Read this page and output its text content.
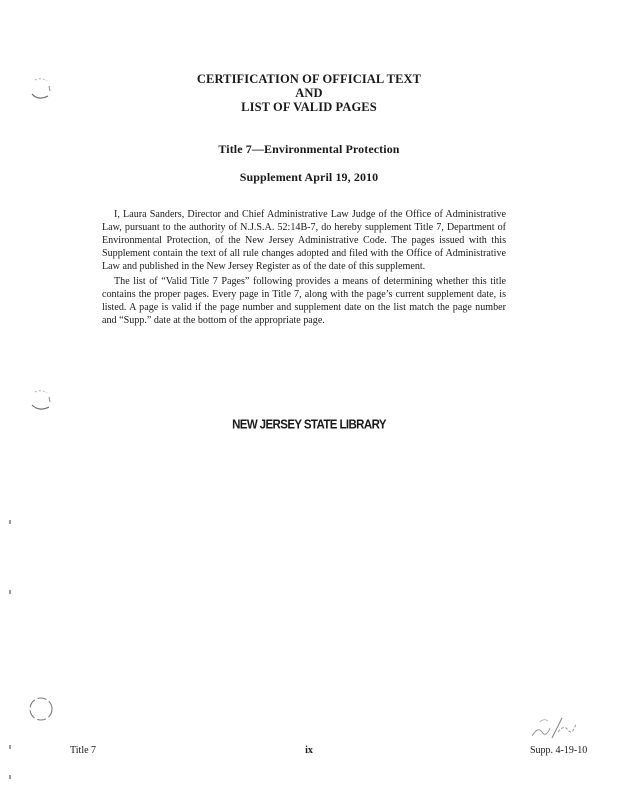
CERTIFICATION OF OFFICIAL TEXT
AND
LIST OF VALID PAGES
Title 7—Environmental Protection
Supplement April 19, 2010

I, Laura Sanders, Director and Chief Administrative Law Judge of the Office of Administrative Law, pursuant to the authority of N.J.S.A. 52:14B-7, do hereby supplement Title 7, Department of Environmental Protection, of the New Jersey Administrative Code. The pages issued with this Supplement contain the text of all rule changes adopted and filed with the Office of Administrative Law and published in the New Jersey Register as of the date of this supplement.

The list of “Valid Title 7 Pages” following provides a means of determining whether this title contains the proper pages. Every page in Title 7, along with the page’s current supplement date, is listed. A page is valid if the page number and supplement date on the list match the page number and “Supp.” date at the bottom of the appropriate page.

NEW JERSEY STATE LIBRARY
Title 7	ix	Supp. 4-19-10
